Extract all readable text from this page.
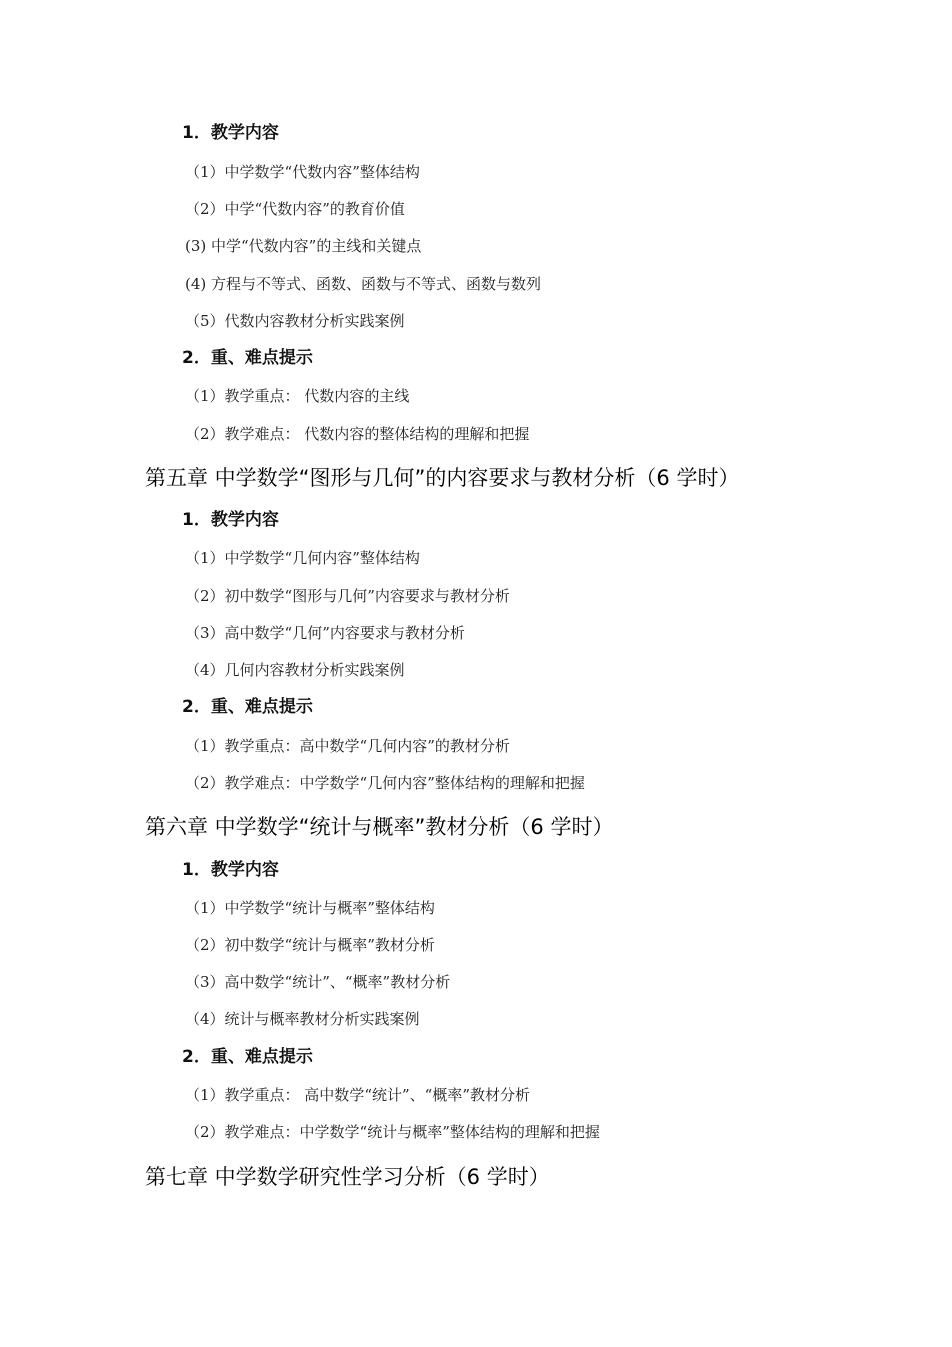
1．教学内容
（1）中学数学“代数内容”整体结构
（2）中学“代数内容”的教育价值
(3) 中学“代数内容”的主线和关键点
(4) 方程与不等式、函数、函数与不等式、函数与数列
（5）代数内容教材分析实践案例
2．重、难点提示
（1）教学重点： 代数内容的主线
（2）教学难点： 代数内容的整体结构的理解和把握
第五章 中学数学“图形与几何”的内容要求与教材分析（6 学时）
1．教学内容
（1）中学数学“几何内容”整体结构
（2）初中数学“图形与几何”内容要求与教材分析
（3）高中数学“几何”内容要求与教材分析
（4）几何内容教材分析实践案例
2．重、难点提示
（1）教学重点：高中数学“几何内容”的教材分析
（2）教学难点：中学数学“几何内容”整体结构的理解和把握
第六章 中学数学“统计与概率”教材分析（6 学时）
1．教学内容
（1）中学数学“统计与概率”整体结构
（2）初中数学“统计与概率”教材分析
（3）高中数学“统计”、“概率”教材分析
（4）统计与概率教材分析实践案例
2．重、难点提示
（1）教学重点： 高中数学“统计”、“概率”教材分析
（2）教学难点：中学数学“统计与概率”整体结构的理解和把握
第七章 中学数学研究性学习分析（6 学时）
